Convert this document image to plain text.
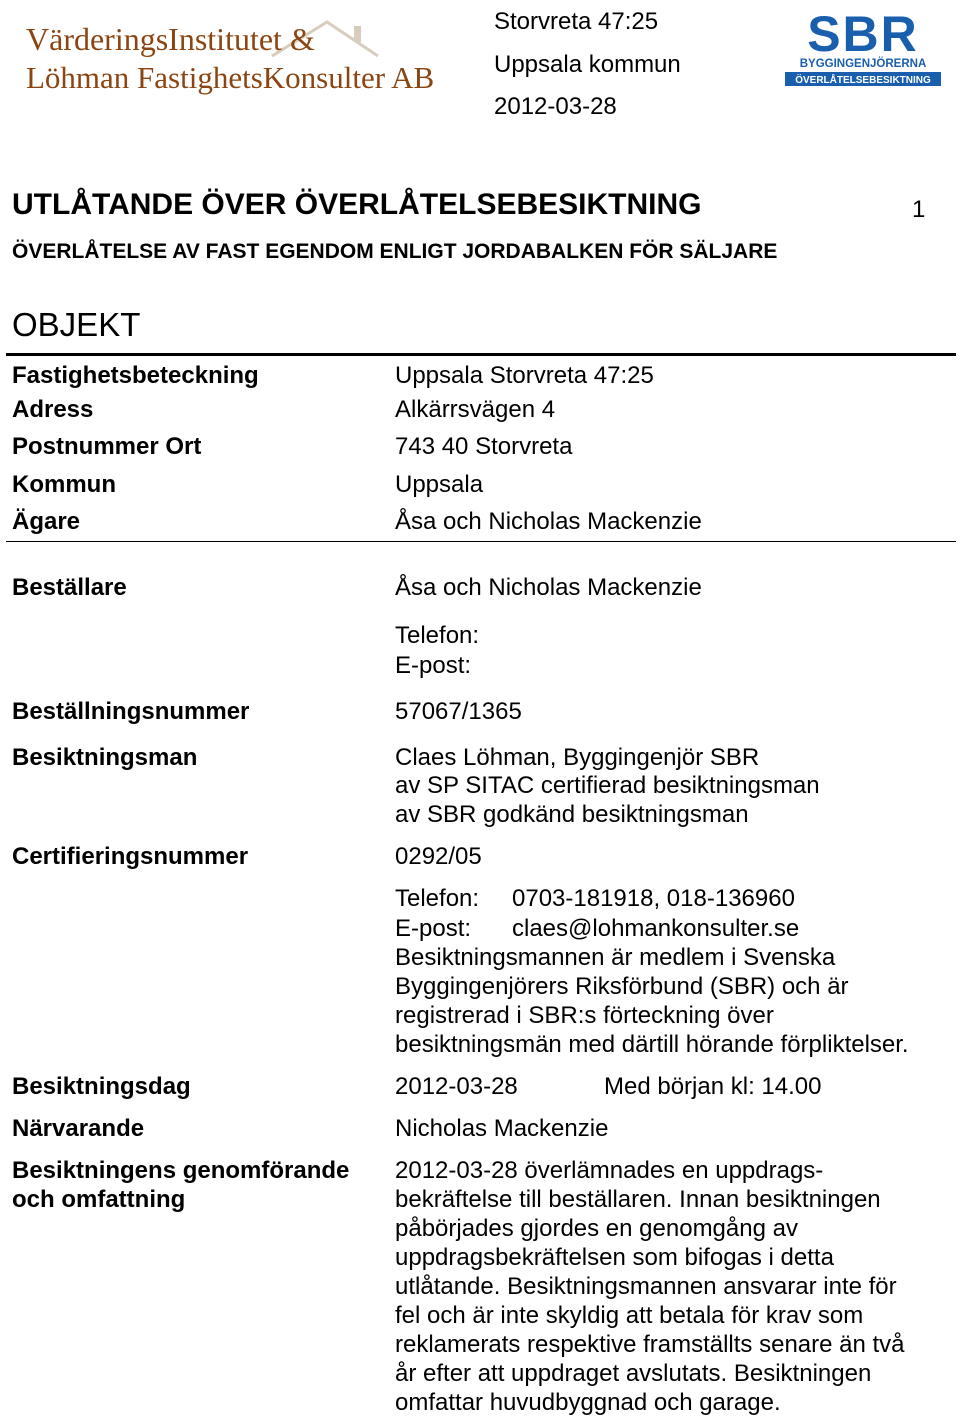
VärderingsInstitutet &
Löhman FastighetsKonsulter AB
Storvreta 47:25
Uppsala kommun
2012-03-28
SBR
BYGGINGENJÖRERNA
ÖVERLÅTELSEBESIKTNING
UTLÅTANDE ÖVER ÖVERLÅTELSEBESIKTNING	1
ÖVERLÅTELSE AV FAST EGENDOM ENLIGT JORDABALKEN FÖR SÄLJARE
OBJEKT
Fastighetsbeteckning	Uppsala Storvreta 47:25
Adress	Alkärrsvägen 4
Postnummer Ort	743 40 Storvreta
Kommun	Uppsala
Ägare	Åsa och Nicholas Mackenzie
Beställare	Åsa och Nicholas Mackenzie
Telefon:
E-post:
Beställningsnummer	57067/1365
Besiktningsman	Claes Löhman, Byggingenjör SBR
av SP SITAC certifierad besiktningsman
av SBR godkänd besiktningsman
Certifieringsnummer	0292/05
Telefon: 0703-181918, 018-136960
E-post: claes@lohmankonsulter.se
Besiktningsmannen är medlem i Svenska
Byggingenjörers Riksförbund (SBR) och är
registrerad i SBR:s förteckning över
besiktningsmän med därtill hörande förpliktelser.
Besiktningsdag	2012-03-28	Med början kl: 14.00
Närvarande	Nicholas Mackenzie
Besiktningens genomförande
och omfattning
2012-03-28 överlämnades en uppdrags-
bekräftelse till beställaren. Innan besiktningen
påbörjades gjordes en genomgång av
uppdragsbekräftelsen som bifogas i detta
utlåtande. Besiktningsmannen ansvarar inte för
fel och är inte skyldig att betala för krav som
reklamerats respektive framställts senare än två
år efter att uppdraget avslutats. Besiktningen
omfattar huvudbyggnad och garage.
